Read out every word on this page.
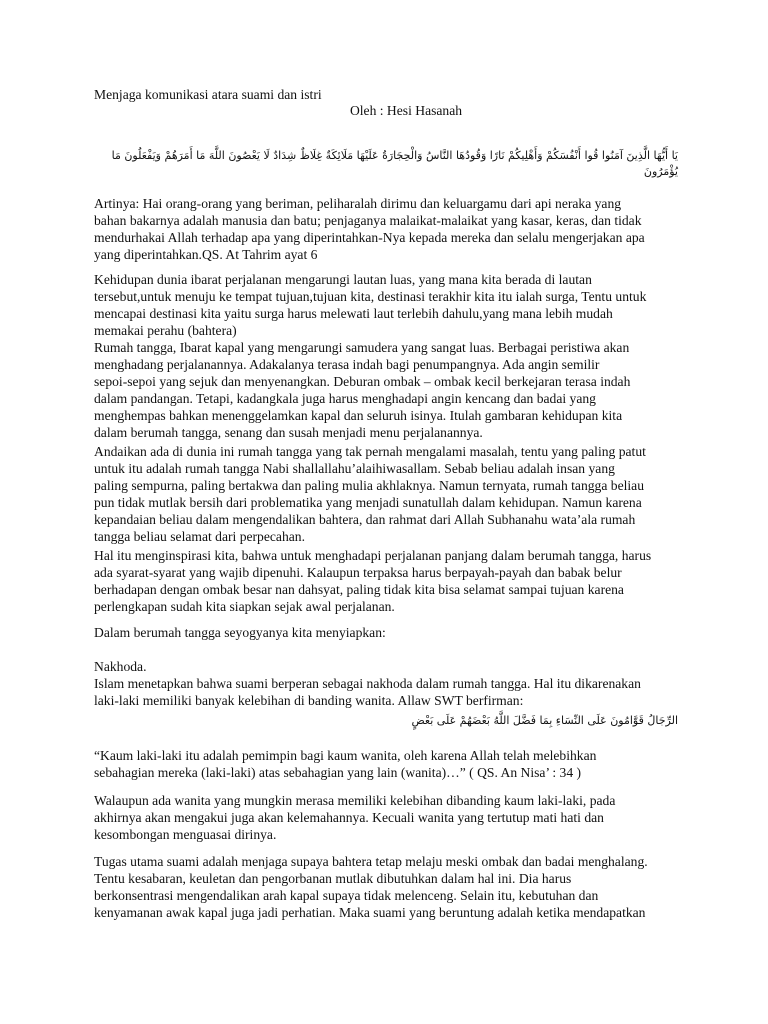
Menjaga komunikasi atara suami dan istri
Oleh : Hesi Hasanah
يَا أَيُّهَا الَّذِينَ آمَنُوا قُوا أَنْفُسَكُمْ وَأَهْلِيكُمْ نَارًا وَقُودُهَا النَّاسُ وَالْحِجَارَةُ عَلَيْهَا مَلَائِكَةٌ غِلَاظٌ شِدَادٌ لَا يَعْصُونَ اللَّهَ مَا أَمَرَهُمْ وَيَفْعَلُونَ مَا يُؤْمَرُونَ
Artinya: Hai orang-orang yang beriman, peliharalah dirimu dan keluargamu dari api neraka yang
bahan bakarnya adalah manusia dan batu; penjaganya malaikat-malaikat yang kasar, keras, dan tidak
mendurhakai Allah terhadap apa yang diperintahkan-Nya kepada mereka dan selalu mengerjakan apa
yang diperintahkan.QS. At Tahrim ayat 6
Kehidupan dunia ibarat perjalanan mengarungi lautan luas, yang mana kita berada di lautan
tersebut,untuk menuju ke tempat tujuan,tujuan kita, destinasi terakhir kita itu ialah surga, Tentu untuk
mencapai destinasi kita yaitu surga harus melewati laut terlebih dahulu,yang mana lebih mudah
memakai perahu (bahtera)
Rumah tangga, Ibarat kapal yang mengarungi samudera yang sangat luas. Berbagai peristiwa akan
menghadang perjalanannya. Adakalanya terasa indah bagi penumpangnya. Ada angin semilir
sepoi-sepoi yang sejuk dan menyenangkan. Deburan ombak – ombak kecil berkejaran terasa indah
dalam pandangan. Tetapi, kadangkala juga harus menghadapi angin kencang dan badai yang
menghempas bahkan menenggelamkan kapal dan seluruh isinya. Itulah gambaran kehidupan kita
dalam berumah tangga, senang dan susah menjadi menu perjalanannya.
Andaikan ada di dunia ini rumah tangga yang tak pernah mengalami masalah, tentu yang paling patut
untuk itu adalah rumah tangga Nabi shallallahu’alaihiwasallam. Sebab beliau adalah insan yang
paling sempurna, paling bertakwa dan paling mulia akhlaknya. Namun ternyata, rumah tangga beliau
pun tidak mutlak bersih dari problematika yang menjadi sunatullah dalam kehidupan. Namun karena
kepandaian beliau dalam mengendalikan bahtera, dan rahmat dari Allah Subhanahu wata’ala rumah
tangga beliau selamat dari perpecahan.
Hal itu menginspirasi kita, bahwa untuk menghadapi perjalanan panjang dalam berumah tangga, harus
ada syarat-syarat yang wajib dipenuhi. Kalaupun terpaksa harus berpayah-payah dan babak belur
berhadapan dengan ombak besar nan dahsyat, paling tidak kita bisa selamat sampai tujuan karena
perlengkapan sudah kita siapkan sejak awal perjalanan.
Dalam berumah tangga seyogyanya kita menyiapkan:
Nakhoda.
Islam menetapkan bahwa suami berperan sebagai nakhoda dalam rumah tangga. Hal itu dikarenakan
laki-laki memiliki banyak kelebihan di banding wanita. Allaw SWT berfirman:
الرِّجَالُ قَوَّامُونَ عَلَى النِّسَاءِ بِمَا فَضَّلَ اللَّهُ بَعْضَهُمْ عَلَى بَعْضٍ
“Kaum laki-laki itu adalah pemimpin bagi kaum wanita, oleh karena Allah telah melebihkan
sebahagian mereka (laki-laki) atas sebahagian yang lain (wanita)…” ( QS. An Nisa’ : 34 )
Walaupun ada wanita yang mungkin merasa memiliki kelebihan dibanding kaum laki-laki, pada
akhirnya akan mengakui juga akan kelemahannya. Kecuali wanita yang tertutup mati hati dan
kesombongan menguasai dirinya.
Tugas utama suami adalah menjaga supaya bahtera tetap melaju meski ombak dan badai menghalang.
Tentu kesabaran, keuletan dan pengorbanan mutlak dibutuhkan dalam hal ini. Dia harus
berkonsentrasi mengendalikan arah kapal supaya tidak melenceng. Selain itu, kebutuhan dan
kenyamanan awak kapal juga jadi perhatian. Maka suami yang beruntung adalah ketika mendapatkan
